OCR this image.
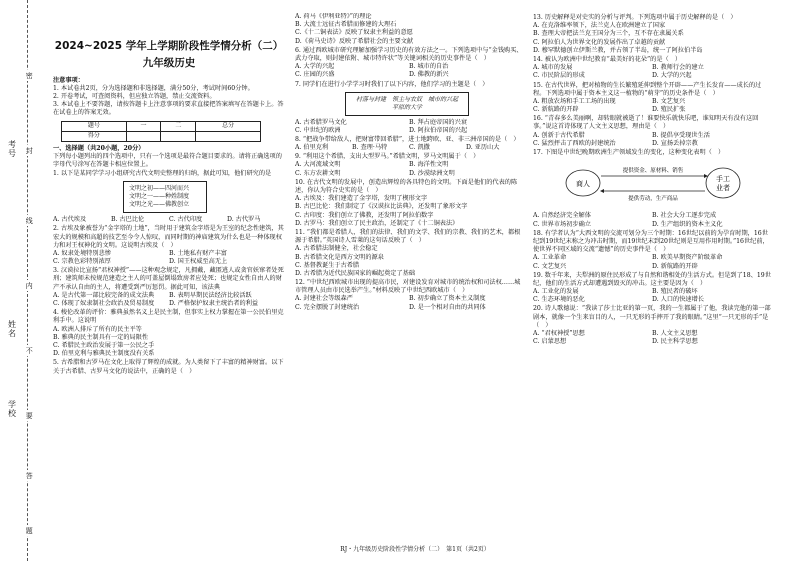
考号
姓名
学校
密
封
线
内
不
要
答
题
2024~2025 学年上学期阶段性学情分析（二）
九年级历史

注意事项：

1. 本试卷共2页，分为选择题和非选择题，满分50分，考试时间60分钟。

2. 开卷考试，可查阅资料，但应独立答题，禁止交流资料。

3. 本试卷上不要答题，请按答题卡上注意事项的要求直接把答案填写在答题卡上。答在试卷上的答案无效。

题号	一	二	总分
得分			

一、选择题（共20小题，20分）

下列每小题列出的四个选项中，只有一个选项是最符合题目要求的。请将正确选项的字母代号涂写在答题卡相应位置上。

1. 以下是某同学学习小组研究古代文明史整理的归纳，据此可知，他们研究的是

文明之初——四河而兴
文明之一——种姓制度
文明之光——佛教创立
A. 古代埃及	B. 古巴比伦	C. 古代印度	D. 古代罗马

2. 古埃及象被誉为“金字塔的土地”，当时用于建筑金字塔是为王室的纪念性建筑，其宏大的规模和高超的技艺至今令人惊叹，而同时期的神庙建筑为什么也是一种体现权力和对王权神化的文明。这说明古埃及（　）

A. 奴隶处境特别悲惨	B. 土地私有财产丰富
C. 宗教色彩特别浓厚	D. 国王权威至高无上

3. 汉谟拉比宣扬“君权神授”——这种观念规定，凡拥戴，藏匿逃人或贪官妖窜者处死刑；建筑师未按规范建造之主人的可盖屋倒塌致房者应处死；也规定女性自由人的财产不承认自由的主人，将遭受到严厉惩罚。据此可知，该法典

A. 是古代第一部比较完备的成文法典	B. 表明早期民法经济比较活跃
C. 体现了奴隶制社会政治及贸易制度	D. 严格保护奴隶主统治者的利益

4. 梭伦改革的评价：雅典虽然名义上是民主制，但事实上权力掌握在第一公民伯里克利手中。这说明

A. 欧洲人排斥了所有的民主平等

B. 雅典的民主制具有一定的局限性

C. 希腊民主政治发展于第一公民之手

D. 伯里克利与雅典民主制度没有关系

5. 古希腊和古罗马在文化上取得了辉煌的成就。为人类留下了丰富的精神财富。以下关于古希腊、古罗马文化的说法中，正确的是（　）

A. 荷马《伊利亚特》”的理论

B. 大流士远征古希腊而修建的大理石

C.《十二铜表法》反映了奴隶主利益的意愿

D.《荷马史诗》反映了希腊社会的主要文献

6. 通过西欧城市研究理解加强学习历史的有效方法之一。下列选项中与“金钱购买、武力夺取，则封建依附、城市特许状”等关键词相关的历史事件是（　）

A. 大学的兴起	B. 城市的自治
C. 庄园的兴盛	D. 佛教的新兴

7. 同学们在进行小学学习时我们了以下内容，他们学习的主题是（　）

村落与封建　领主与农奴　城市的兴起　平原的大学
A. 古希腊罗马文化	B. 拜占庭帝国的兴衰
C. 中世纪的欧洲	D. 阿拉伯帝国的兴起

8. “把战争带给敌人，把财富带回希腊”，进士地跨欧、亚、非三洲帝国的是（　）

A. 伯里克利	B. 查理·马特	C. 凯撒	D. 亚历山大

9. “利用这个希腊，支出大型罗马。”希腊文明，罗马文明属于（　）

A. 大河流域文明	B. 海洋性文明
C. 东方农耕文明	D. 沙漠绿洲文明

10. 在古代文明的发展中，创造出辉煌的各具特色的文明。下面是他们的代表的陈述，你认为符合史实的是（　）

A. 古埃及：我们建造了金字塔，发明了楔形文字

B. 古巴比伦：我们制定了《汉谟拉比法典》，还发明了象形文字

C. 古印度：我们创立了佛教，还发明了阿拉伯数字

D. 古罗马：我们创立了民主政治，还制定了《十二铜表法》

11. “我们都是希腊人，我们的法律、我们的文学、我们的宗教、我们的艺术，都根源于希腊。”英国诗人雪莱的这句话反映了（　）

A. 古希腊法制健全，社会稳定

B. 古希腊文化是西方文明的源泉

C. 基督教诞生于古希腊

D. 古希腊为近代民族国家的崛起奠定了基础

12. “中世纪西欧城市出现的提高市民，对建设发育对城市的统治权和司法权……城市管理人员由市民选举产生。”材料反映了中世纪西欧城市（　）

A. 封建社会等级森严	B. 初步确立了资本主义制度
C. 完全摆脱了封建统治	D. 是一个相对自由的共同体

13. 历史解释是对史实的分析与评判。下列选项中属于历史解释的是（　）

A. 在克洛维率领下，法兰克人在欧洲建立了国家

B. 查理大帝把法兰克王国分为三个，互不存在隶属关系

C. 阿拉伯人为世界文化的发展作出了卓越的贡献

D. 穆罕默德创立伊斯兰教，并占领了半岛，统一了阿拉伯半岛

14. 被认为欧洲中世纪教育“最美好的花朵”的是（　）

A. 城市的发展	B. 教师行会的建立
C. 市民阶层的形成	D. 大学的兴起

15. 在古代世界，把对植物的生长繁殖延伸到整个开辟——产生长发育——成长的过程。下列选项中属于资本主义这一植物的“萌芽”的历史条件是（　）

A. 粗放农场和手工工场的出现	B. 文艺复兴
C. 新航路的开辟	D. 殖民扩张

16. “青春多么美丽啊，却转眼就被逝了！谁要快乐就快乐吧，谁知明天有没有这回事。”说这首诗体现了人文主义思想，理由是（　）

A. 创新于古代希腊	B. 提倡享受现世生活
C. 猛烈抨击了西欧的封建统治	D. 宣扬丢掉宗教

17. 下图是中世纪晚期欧洲生产领域发生的变化，这种变化表明（　）

商人
手工
业者
提供资金、原材料、销售
提供劳动，生产商品
A. 自然经济完全解体	B. 社会大分工逐步完成
C. 世界市场初步确立	D. 生产组织的资本主义化

18. 有学者认为“大西文明的交流可划分为三个时期：16世纪以前的为孕育时期，16世纪到19世纪末称之为冲击时期，而19世纪末到20世纪则是互用作用时期。”16世纪前，使世界不同区域的交流“遗憾”的历史事件是（　）

A. 工业革命	B. 欧美早期资产阶级革命
C. 文艺复兴	D. 新航路的开辟

19. 数千年来，夫犁洲的原住民形成了与自然和谐相处的生活方式。但是到了18、19世纪，他们的生活方式却遭遇到毁灭的冲击。这主要是因为（　）

A. 工业化的发展	B. 殖民者的破坏
C. 生态环境的恶化	D. 人口的快速增长

20. 诗人歌德说：“我读了莎士比亚的第一页，我的一生都属于了他，我读完他的第一部剧本，就像一个生来盲目的人，一只无形的手摔开了我的眼睛。”这里“一只无形的手”是（　）

A. “君权神授”思想	B. 人文主义思想
C. 启蒙思想	D. 民主科学思想
RJ・九年级历史阶段性学情分析（二）　第1页（共2页）
